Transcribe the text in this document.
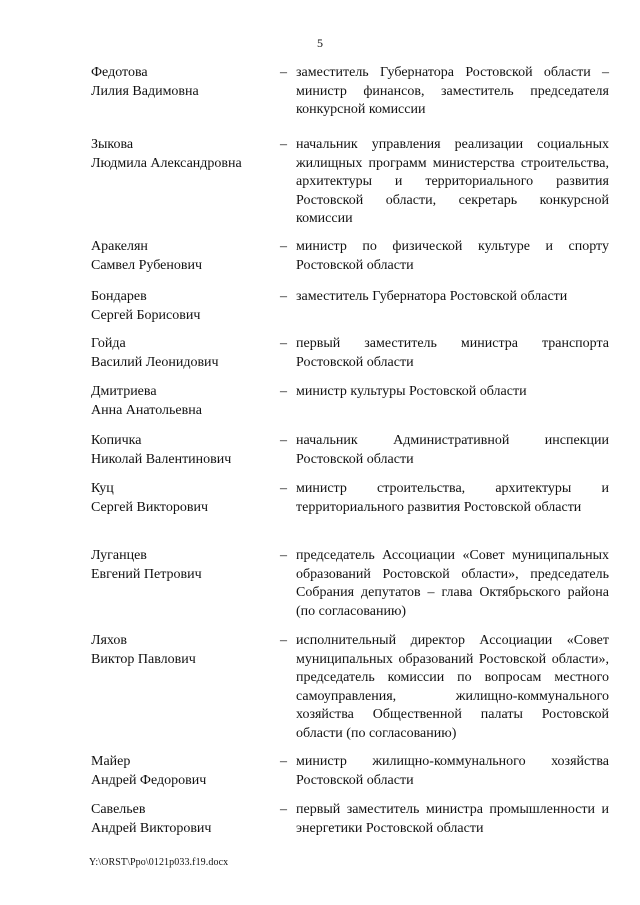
5
Федотова
Лилия Вадимовна
– заместитель Губернатора Ростовской области – министр финансов, заместитель председателя конкурсной комиссии
Зыкова
Людмила Александровна
– начальник управления реализации социальных жилищных программ министерства строительства, архитектуры и территориального развития Ростовской области, секретарь конкурсной комиссии
Аракелян
Самвел Рубенович
– министр по физической культуре и спорту Ростовской области
Бондарев
Сергей Борисович
– заместитель Губернатора Ростовской области
Гойда
Василий Леонидович
– первый заместитель министра транспорта Ростовской области
Дмитриева
Анна Анатольевна
– министр культуры Ростовской области
Копичка
Николай Валентинович
– начальник Административной инспекции Ростовской области
Куц
Сергей Викторович
– министр строительства, архитектуры и территориального развития Ростовской области
Луганцев
Евгений Петрович
– председатель Ассоциации «Совет муниципальных образований Ростовской области», председатель Собрания депутатов – глава Октябрьского района (по согласованию)
Ляхов
Виктор Павлович
– исполнительный директор Ассоциации «Совет муниципальных образований Ростовской области», председатель комиссии по вопросам местного самоуправления, жилищно-коммунального хозяйства Общественной палаты Ростовской области (по согласованию)
Майер
Андрей Федорович
– министр жилищно-коммунального хозяйства Ростовской области
Савельев
Андрей Викторович
– первый заместитель министра промышленности и энергетики Ростовской области
Y:\ORST\Ppo\0121p033.f19.docx
